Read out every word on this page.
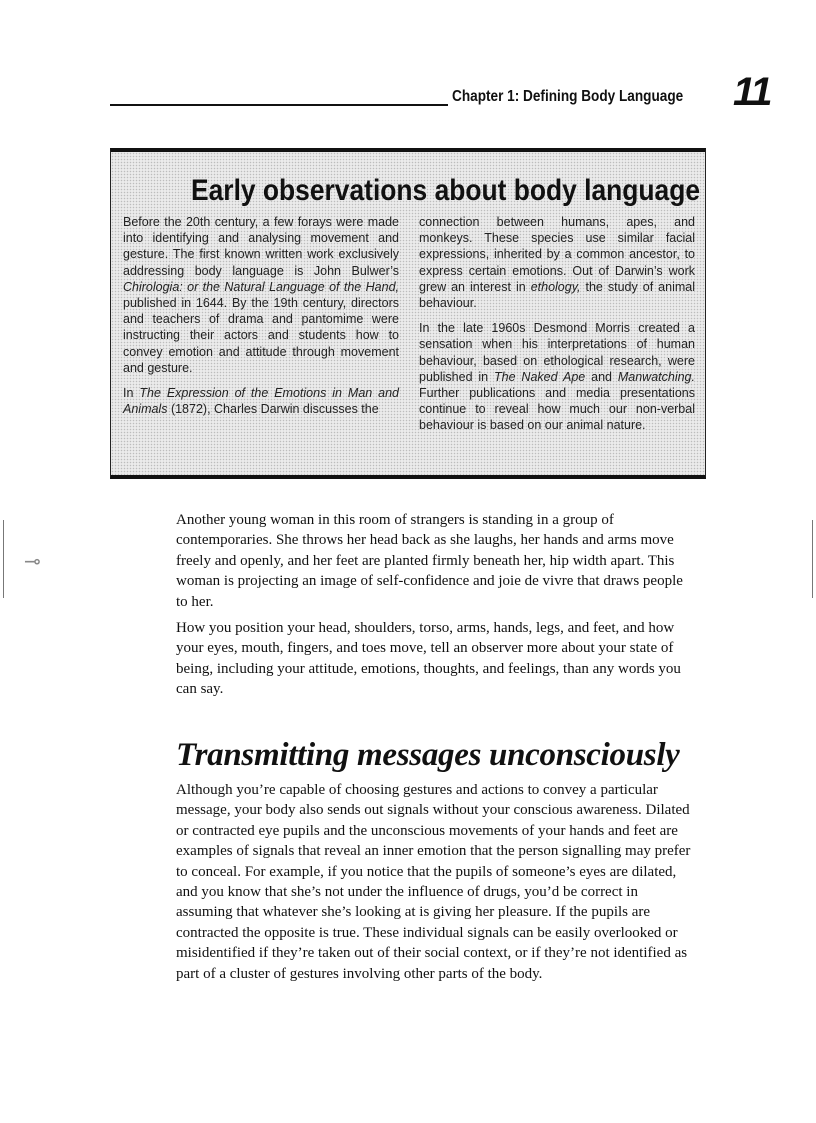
Chapter 1: Defining Body Language 11
Early observations about body language

Before the 20th century, a few forays were made into identifying and analysing movement and gesture. The first known written work exclusively addressing body language is John Bulwer’s Chirologia: or the Natural Language of the Hand, published in 1644. By the 19th century, directors and teachers of drama and pantomime were instructing their actors and students how to convey emotion and attitude through movement and gesture.

In The Expression of the Emotions in Man and Animals (1872), Charles Darwin discusses the

connection between humans, apes, and monkeys. These species use similar facial expressions, inherited by a common ancestor, to express certain emotions. Out of Darwin’s work grew an interest in ethology, the study of animal behaviour.

In the late 1960s Desmond Morris created a sensation when his interpretations of human behaviour, based on ethological research, were published in The Naked Ape and Manwatching. Further publications and media presentations continue to reveal how much our non-verbal behaviour is based on our animal nature.

Another young woman in this room of strangers is standing in a group of contemporaries. She throws her head back as she laughs, her hands and arms move freely and openly, and her feet are planted firmly beneath her, hip width apart. This woman is projecting an image of self-confidence and joie de vivre that draws people to her.

How you position your head, shoulders, torso, arms, hands, legs, and feet, and how your eyes, mouth, fingers, and toes move, tell an observer more about your state of being, including your attitude, emotions, thoughts, and feelings, than any words you can say.

Transmitting messages unconsciously

Although you’re capable of choosing gestures and actions to convey a particular message, your body also sends out signals without your conscious awareness. Dilated or contracted eye pupils and the unconscious movements of your hands and feet are examples of signals that reveal an inner emotion that the person signalling may prefer to conceal. For example, if you notice that the pupils of someone’s eyes are dilated, and you know that she’s not under the influence of drugs, you’d be correct in assuming that whatever she’s looking at is giving her pleasure. If the pupils are contracted the opposite is true. These individual signals can be easily overlooked or misidentified if they’re taken out of their social context, or if they’re not identified as part of a cluster of gestures involving other parts of the body.

⊸
